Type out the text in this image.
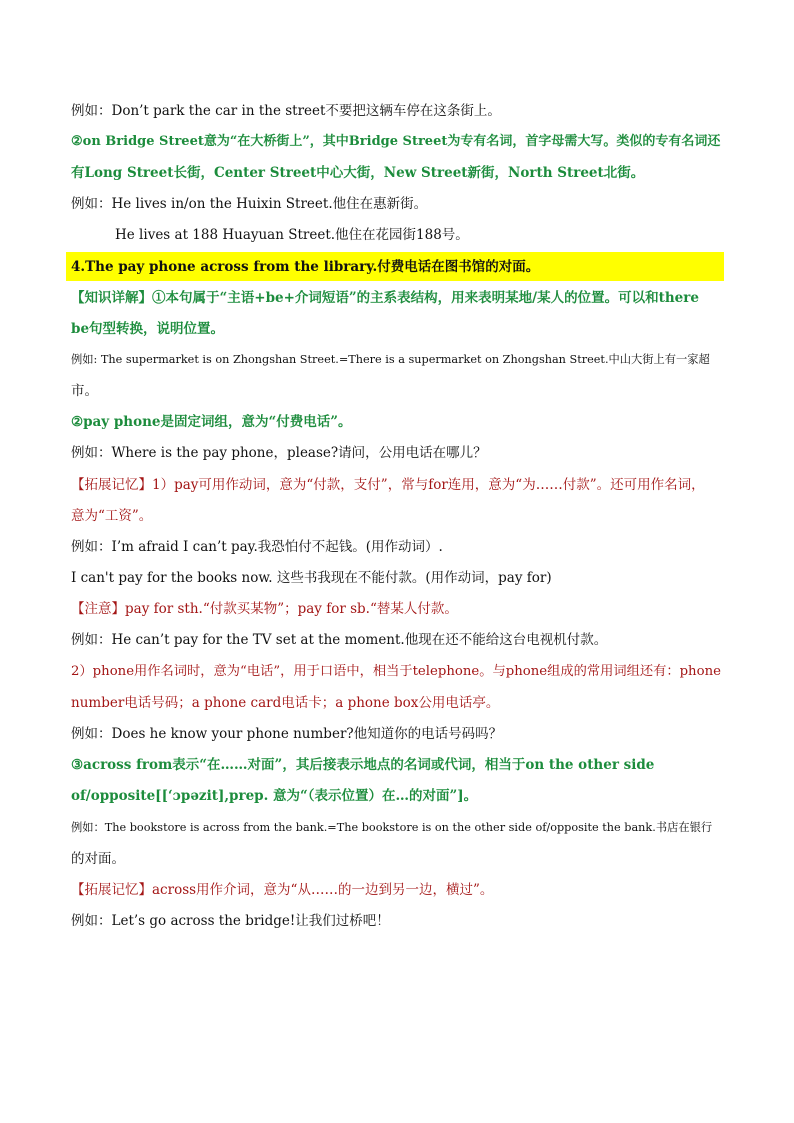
例如：Don’t park the car in the street不要把这辆车停在这条街上。
②on Bridge Street意为“在大桥街上”，其中Bridge Street为专有名词，首字母需大写。类似的专有名词还
有Long Street长街，Center Street中心大街，New Street新街，North Street北街。
例如：He lives in/on the Huixin Street.他住在惠新街。
He lives at 188 Huayuan Street.他住在花园街188号。
4.The pay phone across from the library.付费电话在图书馆的对面。
【知识详解】①本句属于“主语+be+介词短语”的主系表结构，用来表明某地/某人的位置。可以和there
be句型转换，说明位置。
例如: The supermarket is on Zhongshan Street.=There is a supermarket on Zhongshan Street.中山大街上有一家超
市。
②pay phone是固定词组，意为“付费电话”。
例如：Where is the pay phone，please?请问，公用电话在哪儿？
【拓展记忆】1）pay可用作动词，意为“付款，支付”，常与for连用，意为“为……付款”。还可用作名词，
意为“工资”。
例如：I’m afraid I can’t pay.我恐怕付不起钱。(用作动词）.
I can't pay for the books now. 这些书我现在不能付款。(用作动词，pay for)
【注意】pay for sth.“付款买某物”；pay for sb.“替某人付款。
例如：He can’t pay for the TV set at the moment.他现在还不能给这台电视机付款。
2）phone用作名词时，意为“电话”，用于口语中，相当于telephone。与phone组成的常用词组还有：phone
number电话号码；a phone card电话卡；a phone box公用电话亭。
例如：Does he know your phone number?他知道你的电话号码吗？
③across from表示“在……对面”，其后接表示地点的名词或代词，相当于on the other side
of/opposite[[‘ɔpəzit],prep. 意为“（表示位置）在…的对面”]。
例如：The bookstore is across from the bank.=The bookstore is on the other side of/opposite the bank.书店在银行
的对面。
【拓展记忆】across用作介词，意为“从……的一边到另一边，横过”。
例如：Let’s go across the bridge!让我们过桥吧！
